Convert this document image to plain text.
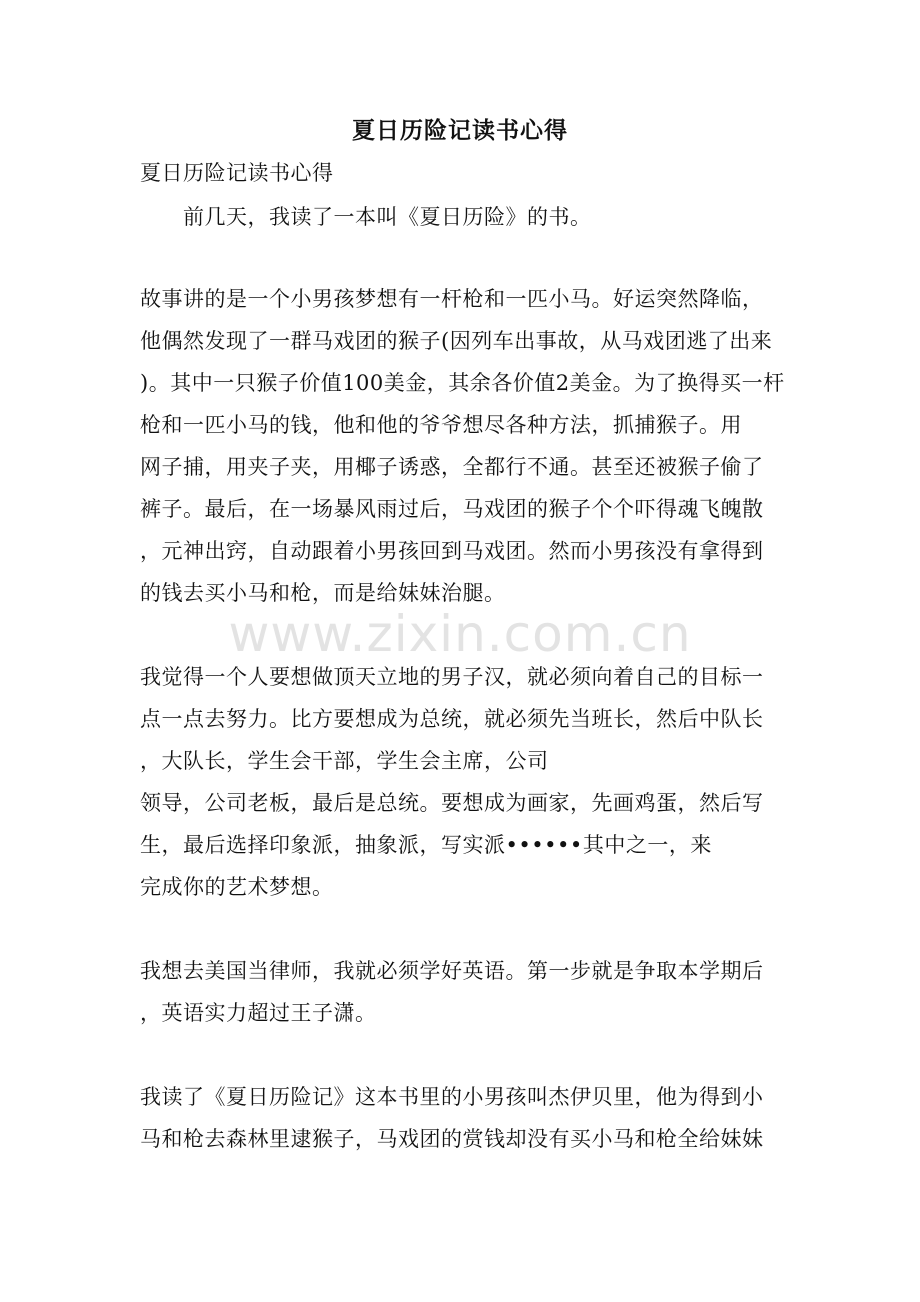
夏日历险记读书心得

夏日历险记读书心得

前几天，我读了一本叫《夏日历险》的书。

故事讲的是一个小男孩梦想有一杆枪和一匹小马。好运突然降临，

他偶然发现了一群马戏团的猴子(因列车出事故，从马戏团逃了出来

)。其中一只猴子价值100美金，其余各价值2美金。为了换得买一杆

枪和一匹小马的钱，他和他的爷爷想尽各种方法，抓捕猴子。用

网子捕，用夹子夹，用椰子诱惑，全都行不通。甚至还被猴子偷了

裤子。最后，在一场暴风雨过后，马戏团的猴子个个吓得魂飞魄散

，元神出窍，自动跟着小男孩回到马戏团。然而小男孩没有拿得到

的钱去买小马和枪，而是给妹妹治腿。

www.zixin.com.cn

我觉得一个人要想做顶天立地的男子汉，就必须向着自己的目标一

点一点去努力。比方要想成为总统，就必须先当班长，然后中队长

，大队长，学生会干部，学生会主席，公司

领导，公司老板，最后是总统。要想成为画家，先画鸡蛋，然后写

生，最后选择印象派，抽象派，写实派••••••其中之一，来

完成你的艺术梦想。

我想去美国当律师，我就必须学好英语。第一步就是争取本学期后

，英语实力超过王子潇。

我读了《夏日历险记》这本书里的小男孩叫杰伊贝里，他为得到小

马和枪去森林里逮猴子，马戏团的赏钱却没有买小马和枪全给妹妹
